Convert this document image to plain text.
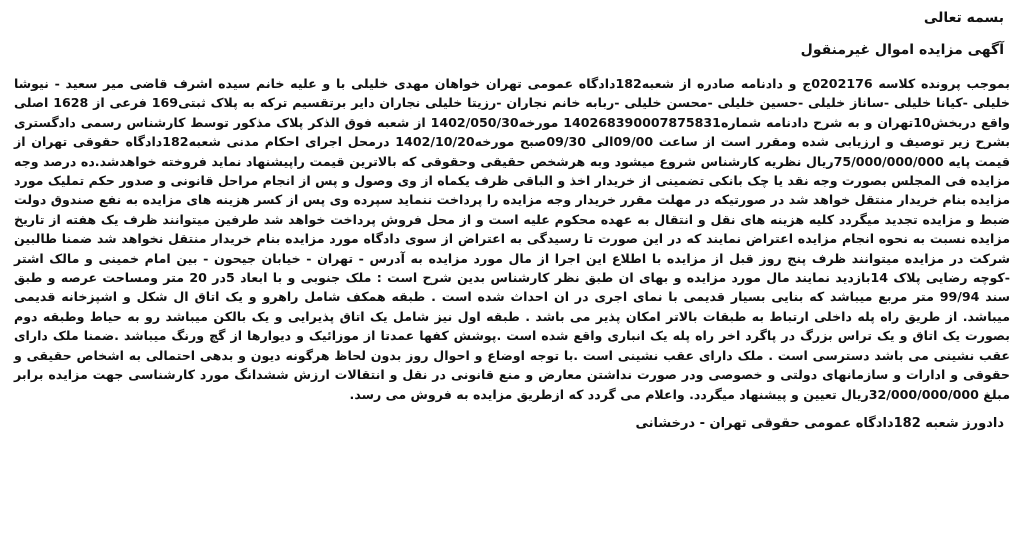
بسمه تعالی
آگهی مزایده اموال غیرمنقول
بموجب پرونده کلاسه 0202176ج و دادنامه صادره از شعبه182دادگاه عمومی تهران خواهان مهدی خلیلی با و علیه خانم سیده اشرف قاضی میر سعید - نیوشا خلیلی -کیانا خلیلی -ساناز خلیلی -حسین خلیلی -محسن خلیلی -ربابه خانم نجاران -رزیتا خلیلی نجاران دایر برتقسیم ترکه به پلاک ثبتی169 فرعی از 1628 اصلی واقع دربخش10تهران و به شرح دادنامه شماره140268390007875831 مورخه1402/050/30 از شعبه فوق الذکر پلاک مذکور توسط کارشناس رسمی دادگستری بشرح زیر توصیف و ارزیابی شده ومقرر است از ساعت 09/00الی 09/30صبح مورخه1402/10/20 درمحل اجرای احکام مدنی شعبه182دادگاه حقوقی تهران از قیمت پایه 75/000/000/000ریال نظریه کارشناس شروع میشود وبه هرشخص حقیقی وحقوقی که بالاترین قیمت راپیشنهاد نماید فروخته خواهدشد.ده درصد وجه مزایده فی المجلس بصورت وجه نقد یا چک بانکی تضمینی از خریدار اخذ و الباقی ظرف یکماه از وی وصول و پس از انجام مراحل قانونی و صدور حکم تملیک مورد مزایده بنام خریدار منتقل خواهد شد در صورتیکه در مهلت مقرر خریدار وجه مزایده را پرداخت ننماید سپرده وی پس از کسر هزینه های مزایده به نفع صندوق دولت ضبط و مزایده تجدید میگردد کلیه هزینه های نقل و انتقال به عهده محکوم علیه است و از محل فروش پرداخت خواهد شد طرفین میتوانند ظرف یک هفته از تاریخ مزایده نسبت به نحوه انجام مزایده اعتراض نمایند که در این صورت تا رسیدگی به اعتراض از سوی دادگاه مورد مزایده بنام خریدار منتقل نخواهد شد ضمنا طالبین شرکت در مزایده میتوانند ظرف پنج روز قبل از مزایده با اطلاع این اجرا از مال مورد مزایده به آدرس - تهران - خیابان جیحون - بین امام خمینی و مالک اشتر -کوچه رضایی پلاک 14بازدید نمایند مال مورد مزایده و بهای ان طبق نظر کارشناس بدین شرح است : ملک جنوبی و با ابعاد 5در 20 متر ومساحت عرصه و طبق سند 99/94 متر مربع میباشد که بنایی بسیار قدیمی با نمای اجری در ان احداث شده است . طبقه همکف شامل راهرو و یک اتاق ال شکل و اشپزخانه قدیمی میباشد. از طریق راه پله داخلی ارتباط به طبقات بالاتر امکان پذیر می باشد . طبقه اول نیز شامل یک اتاق پذیرایی و یک بالکن میباشد رو به حیاط وطبقه دوم بصورت یک اتاق و یک تراس بزرگ در پاگرد اخر راه پله یک انباری واقع شده است .پوشش کفها عمدتا از موزائیک و دیوارها از گچ ورنگ میباشد .ضمنا ملک دارای عقب نشینی می باشد دسترسی است . ملک دارای عقب نشینی است .با توجه اوضاع و احوال روز بدون لحاظ هرگونه دیون و بدهی احتمالی به اشخاص حقیقی و حقوقی و ادارات و سازمانهای دولتی و خصوصی ودر صورت نداشتن معارض و منع قانونی در نقل و انتقالات ارزش ششدانگ مورد کارشناسی جهت مزایده برابر مبلغ 32/000/000/000ریال تعیین و پیشنهاد میگردد. واعلام می گردد که ازطریق مزایده به فروش می رسد.
دادورز شعبه 182دادگاه عمومی حقوقی تهران - درخشانی
